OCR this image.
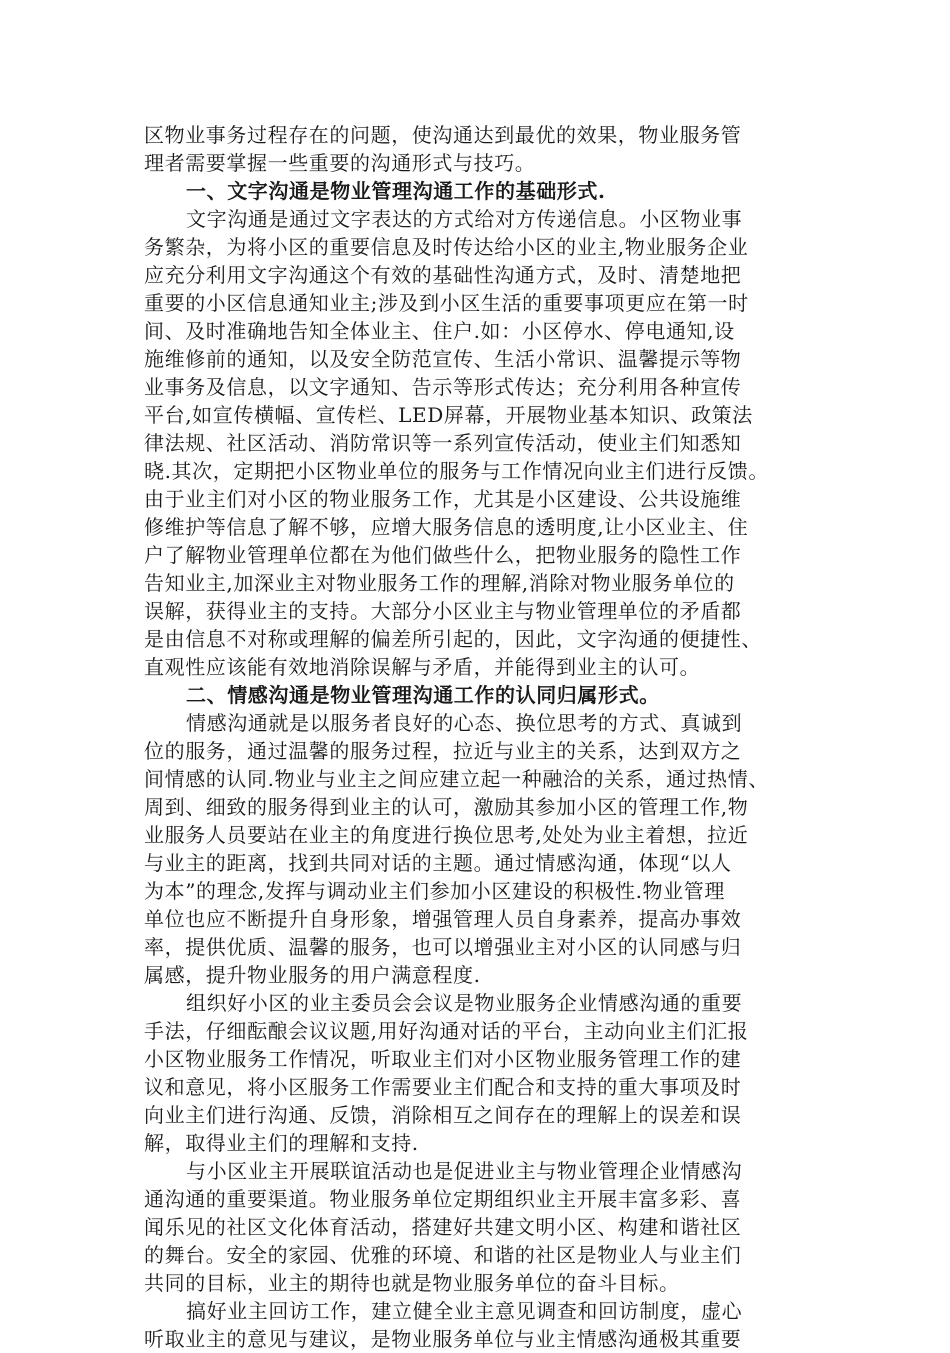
区物业事务过程存在的问题，使沟通达到最优的效果，物业服务管
理者需要掌握一些重要的沟通形式与技巧。
一、文字沟通是物业管理沟通工作的基础形式.
文字沟通是通过文字表达的方式给对方传递信息。小区物业事
务繁杂，为将小区的重要信息及时传达给小区的业主,物业服务企业
应充分利用文字沟通这个有效的基础性沟通方式，及时、清楚地把
重要的小区信息通知业主;涉及到小区生活的重要事项更应在第一时
间、及时准确地告知全体业主、住户.如：小区停水、停电通知,设
施维修前的通知，以及安全防范宣传、生活小常识、温馨提示等物
业事务及信息，以文字通知、告示等形式传达；充分利用各种宣传
平台,如宣传横幅、宣传栏、LED屏幕，开展物业基本知识、政策法
律法规、社区活动、消防常识等一系列宣传活动，使业主们知悉知
晓.其次，定期把小区物业单位的服务与工作情况向业主们进行反馈。
由于业主们对小区的物业服务工作，尤其是小区建设、公共设施维
修维护等信息了解不够，应增大服务信息的透明度,让小区业主、住
户了解物业管理单位都在为他们做些什么，把物业服务的隐性工作
告知业主,加深业主对物业服务工作的理解,消除对物业服务单位的
误解，获得业主的支持。大部分小区业主与物业管理单位的矛盾都
是由信息不对称或理解的偏差所引起的，因此，文字沟通的便捷性、
直观性应该能有效地消除误解与矛盾，并能得到业主的认可。
二、情感沟通是物业管理沟通工作的认同归属形式。
情感沟通就是以服务者良好的心态、换位思考的方式、真诚到
位的服务，通过温馨的服务过程，拉近与业主的关系，达到双方之
间情感的认同.物业与业主之间应建立起一种融洽的关系，通过热情、
周到、细致的服务得到业主的认可，激励其参加小区的管理工作,物
业服务人员要站在业主的角度进行换位思考,处处为业主着想，拉近
与业主的距离，找到共同对话的主题。通过情感沟通，体现“以人
为本”的理念,发挥与调动业主们参加小区建设的积极性.物业管理
单位也应不断提升自身形象，增强管理人员自身素养，提高办事效
率，提供优质、温馨的服务，也可以增强业主对小区的认同感与归
属感，提升物业服务的用户满意程度.
组织好小区的业主委员会会议是物业服务企业情感沟通的重要
手法，仔细酝酿会议议题,用好沟通对话的平台，主动向业主们汇报
小区物业服务工作情况，听取业主们对小区物业服务管理工作的建
议和意见，将小区服务工作需要业主们配合和支持的重大事项及时
向业主们进行沟通、反馈，消除相互之间存在的理解上的误差和误
解，取得业主们的理解和支持.
与小区业主开展联谊活动也是促进业主与物业管理企业情感沟
通沟通的重要渠道。物业服务单位定期组织业主开展丰富多彩、喜
闻乐见的社区文化体育活动，搭建好共建文明小区、构建和谐社区
的舞台。安全的家园、优雅的环境、和谐的社区是物业人与业主们
共同的目标，业主的期待也就是物业服务单位的奋斗目标。
搞好业主回访工作，建立健全业主意见调查和回访制度，虚心
听取业主的意见与建议，是物业服务单位与业主情感沟通极其重要
